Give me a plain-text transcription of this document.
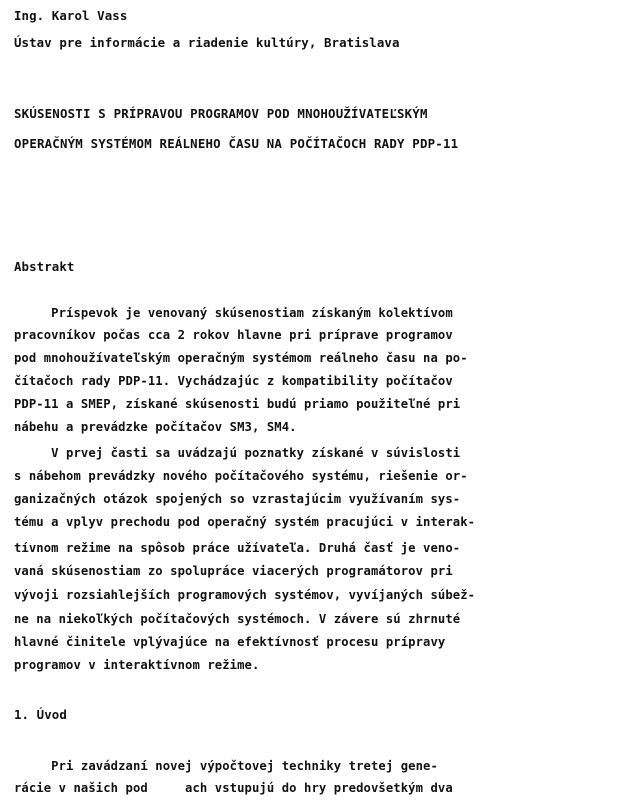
Ing. Karol Vass
Ústav pre informácie a riadenie kultúry, Bratislava
SKÚSENOSTI S PRÍPRAVOU PROGRAMOV POD MNOHOUŽÍVATEĽSKÝM
OPERAČNÝM SYSTÉMOM REÁLNEHO ČASU NA POČÍTAČOCH RADY PDP-11
Abstrakt
Príspevok je venovaný skúsenostiam získaným kolektívom
pracovníkov počas cca 2 rokov hlavne pri príprave programov
pod mnohoužívateľským operačným systémom reálneho času na po-
čítačoch rady PDP-11. Vychádzajúc z kompatibility počítačov
PDP-11 a SMEP, získané skúsenosti budú priamo použiteľné pri
nábehu a prevádzke počítačov SM3, SM4.
V prvej časti sa uvádzajú poznatky získané v súvislosti
s nábehom prevádzky nového počítačového systému, riešenie or-
ganizačných otázok spojených so vzrastajúcim využívaním sys-
tému a vplyv prechodu pod operačný systém pracujúci v interak-
tívnom režime na spôsob práce užívateľa. Druhá časť je veno-
vaná skúsenostiam zo spolupráce viacerých programátorov pri
vývoji rozsiahlejších programových systémov, vyvíjaných súbež-
ne na niekoľkých počítačových systémoch. V závere sú zhrnuté
hlavné činitele vplývajúce na efektívnosť procesu prípravy
programov v interaktívnom režime.
1. Úvod
Pri zavádzaní novej výpočtovej techniky tretej gene-
rácie v našich pod     ach vstupujú do hry predovšetkým dva
